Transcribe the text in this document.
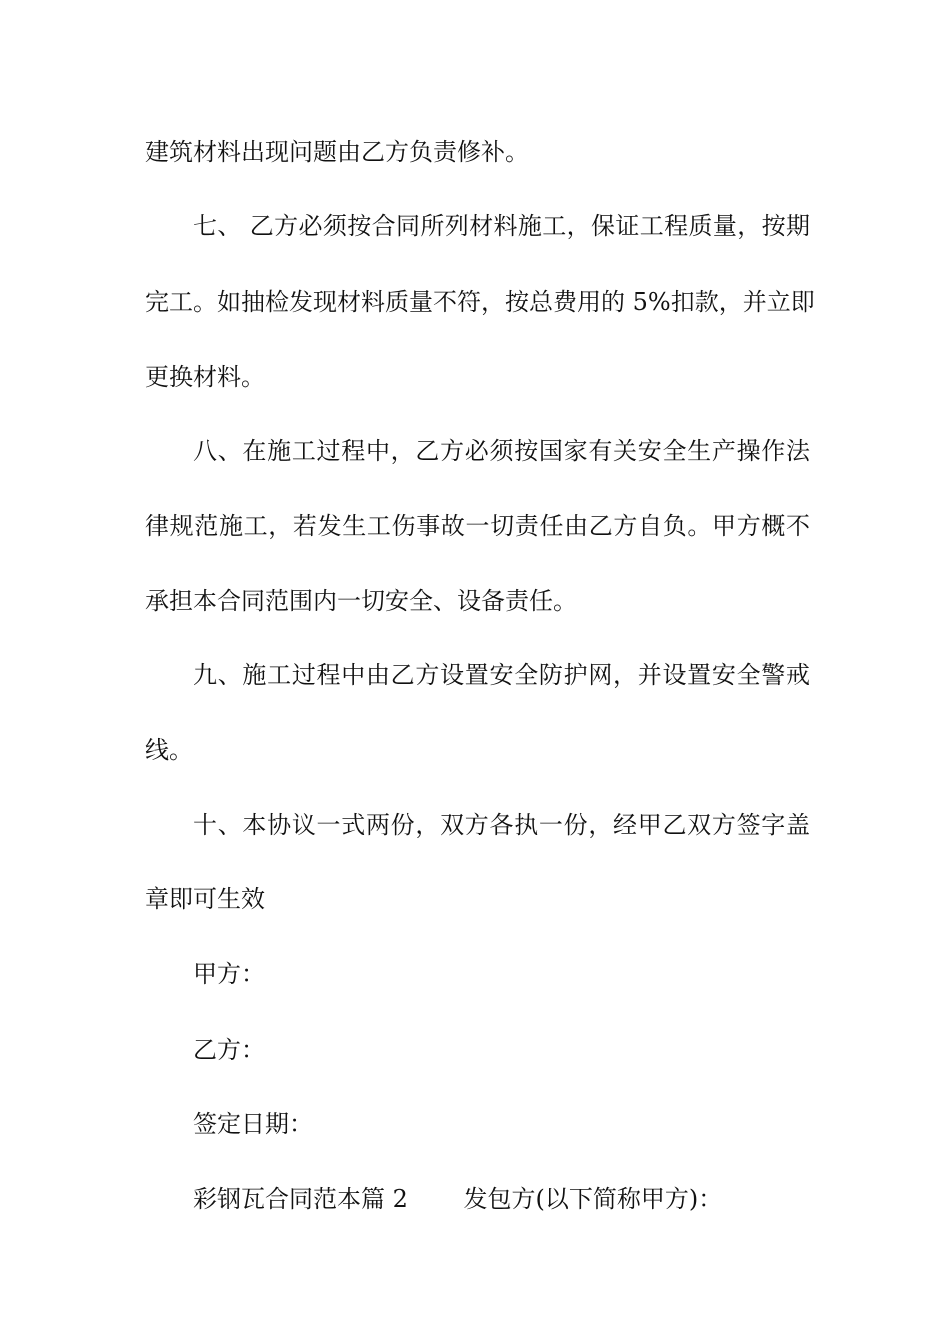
建筑材料出现问题由乙方负责修补。
七、 乙方必须按合同所列材料施工，保证工程质量，按期
完工。如抽检发现材料质量不符，按总费用的 5%扣款，并立即
更换材料。
八、在施工过程中，乙方必须按国家有关安全生产操作法
律规范施工，若发生工伤事故一切责任由乙方自负。甲方概不
承担本合同范围内一切安全、设备责任。
九、施工过程中由乙方设置安全防护网，并设置安全警戒
线。
十、本协议一式两份，双方各执一份，经甲乙双方签字盖
章即可生效
甲方：
乙方：
签定日期：
彩钢瓦合同范本篇 2　　 发包方(以下简称甲方)：
